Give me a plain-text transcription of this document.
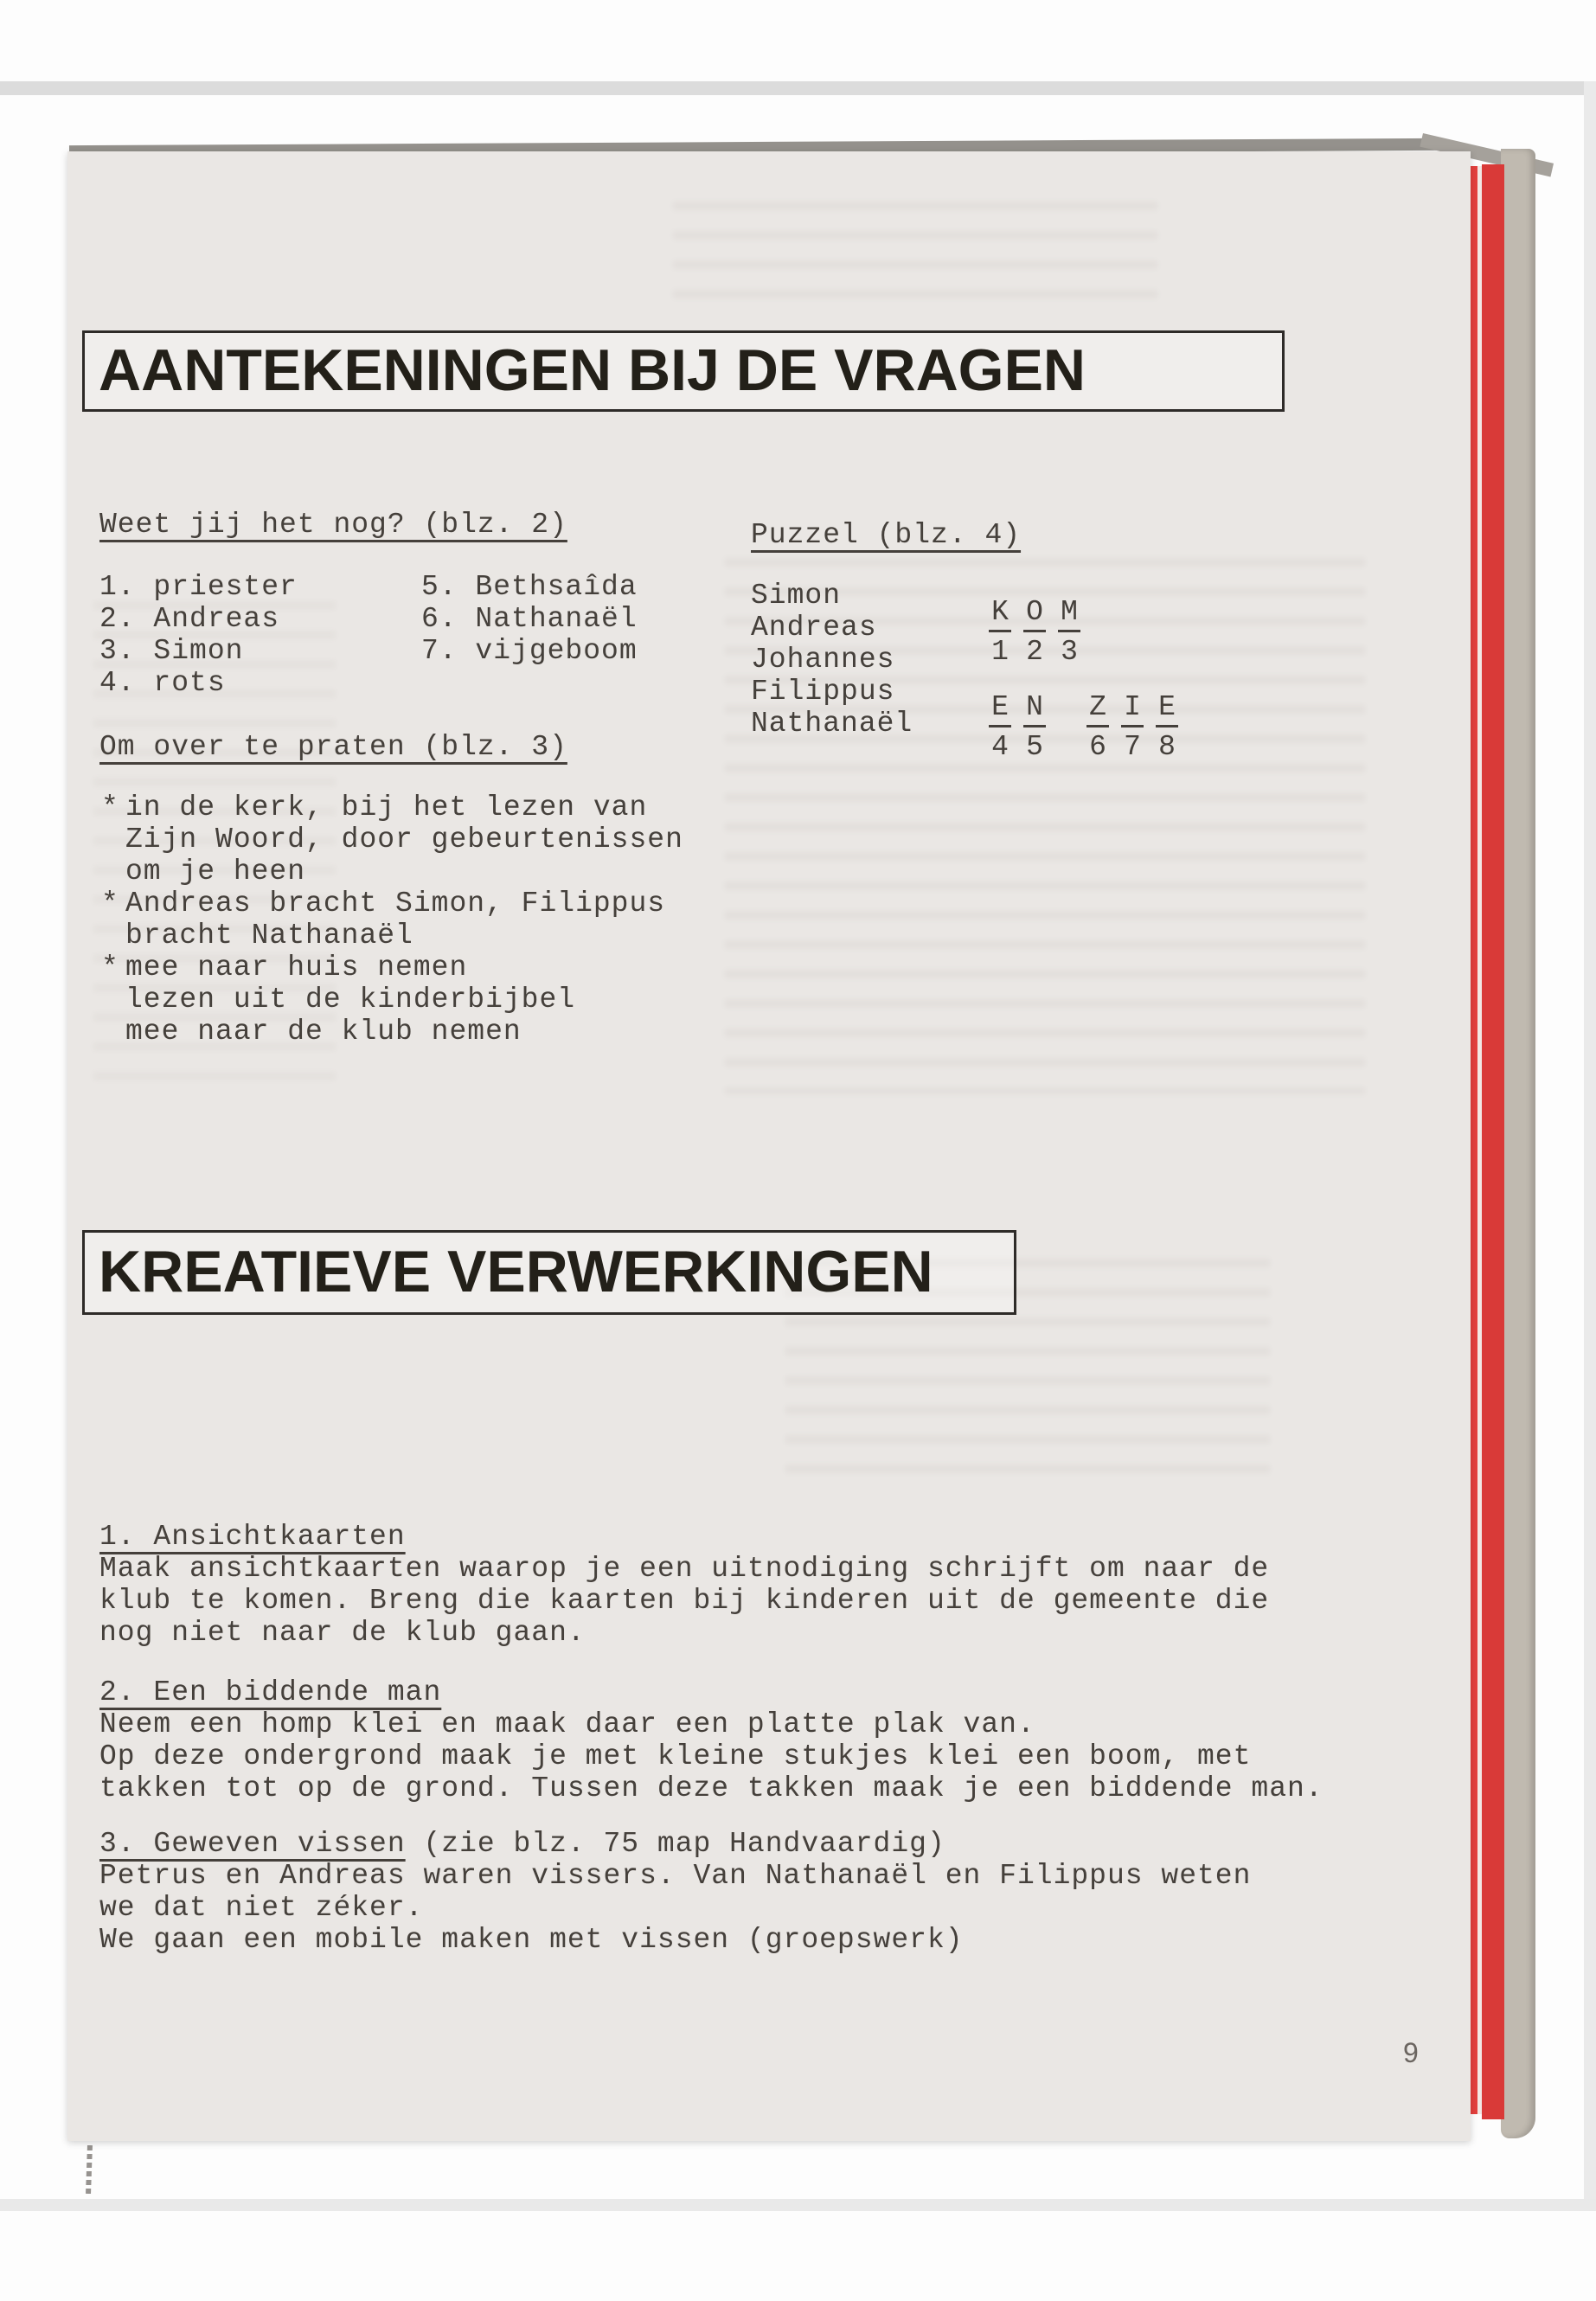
AANTEKENINGEN BIJ DE VRAGEN
Weet jij het nog? (blz. 2)
1. priester
2. Andreas
3. Simon
4. rots
5. Bethsaîda
6. Nathanaël
7. vijgeboom
Puzzel (blz. 4)
Simon
Andreas
Johannes
Filippus
Nathanaël
K O M
1 2 3
E N
4 5
Z I E
6 7 8
Om over te praten (blz. 3)
* in de kerk, bij het lezen van
Zijn Woord, door gebeurtenissen
om je heen
* Andreas bracht Simon, Filippus
bracht Nathanaël
* mee naar huis nemen
lezen uit de kinderbijbel
mee naar de klub nemen
KREATIEVE VERWERKINGEN
1. Ansichtkaarten
Maak ansichtkaarten waarop je een uitnodiging schrijft om naar de
klub te komen. Breng die kaarten bij kinderen uit de gemeente die
nog niet naar de klub gaan.
2. Een biddende man
Neem een homp klei en maak daar een platte plak van.
Op deze ondergrond maak je met kleine stukjes klei een boom, met
takken tot op de grond. Tussen deze takken maak je een biddende man.
3. Geweven vissen (zie blz. 75 map Handvaardig)
Petrus en Andreas waren vissers. Van Nathanaël en Filippus weten
we dat niet zéker.
We gaan een mobile maken met vissen (groepswerk)
9
